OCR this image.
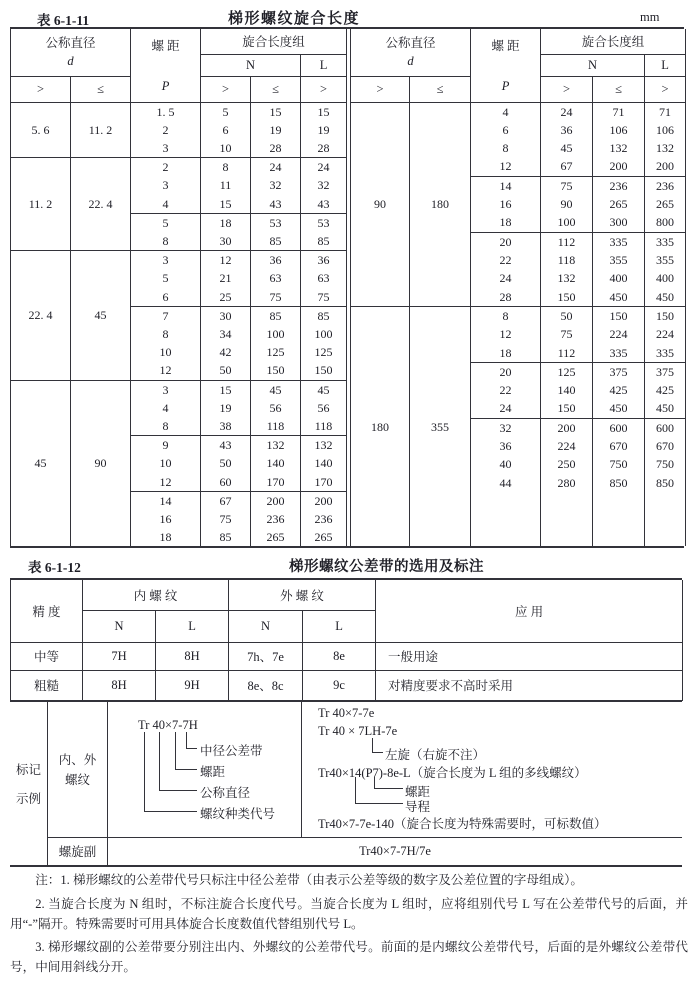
表 6-1-11	梯形螺纹旋合长度	mm
公称直径
d

螺 距
P
	旋合长度组
			N		L
>	≤		>	≤	>
5. 6	11. 2	1. 5	5	15	15
		2	6	19	19
		3	10	28	28
11. 2	22. 4	2	8	24	24
		3	11	32	32
		4	15	43	43
		5	18	53	53
		8	30	85	85
22. 4	45	3	12	36	36
		5	21	63	63
		6	25	75	75
		7	30	85	85
		8	34	100	100
		10	42	125	125
		12	50	150	150
45	90	3	15	45	45
		4	19	56	56
		8	38	118	118
		9	43	132	132
		10	50	140	140
		12	60	170	170
		14	67	200	200
		16	75	236	236
		18	85	265	265
公称直径
d

螺 距
P
	旋合长度组
			N		L
>	≤		>	≤	>
90	180	4	24	71	71
		6	36	106	106
		8	45	132	132
		12	67	200	200
		14	75	236	236
		16	90	265	265
		18	100	300	800
		20	112	335	335
		22	118	355	355
		24	132	400	400
		28	150	450	450
180	355	8	50	150	150
		12	75	224	224
		18	112	335	335
		20	125	375	375
		22	140	425	425
		24	150	450	450
		32	200	600	600
		36	224	670	670
		40	250	750	750
		44	280	850	850

表 6-1-12	梯形螺纹公差带的选用及标注
精 度	内 螺 纹		外 螺 纹		应 用
	N	L	N	L	
中等	7H	8H	7h、7e	8e	一般用途
粗糙	8H	9H	8e、8c	9c	对精度要求不高时采用
标记
示例
内、外
螺纹
Tr 40×7-7H
中径公差带
螺距
公称直径
螺纹种类代号
Tr 40×7-7e
Tr 40 × 7LH-7e
左旋（右旋不注）
Tr40×14(P7)-8e-L（旋合长度为 L 组的多线螺纹）
螺距
导程
Tr40×7-7e-140（旋合长度为特殊需要时，可标数值）
螺旋副	Tr40×7-7H/7e

注：1. 梯形螺纹的公差带代号只标注中径公差带（由表示公差等级的数字及公差位置的字母组成）。

2. 当旋合长度为 N 组时，不标注旋合长度代号。当旋合长度为 L 组时，应将组别代号 L 写在公差带代号的后面，并用“-”隔开。特殊需要时可用具体旋合长度数值代替组别代号 L。

3. 梯形螺纹副的公差带要分别注出内、外螺纹的公差带代号。前面的是内螺纹公差带代号，后面的是外螺纹公差带代号，中间用斜线分开。
